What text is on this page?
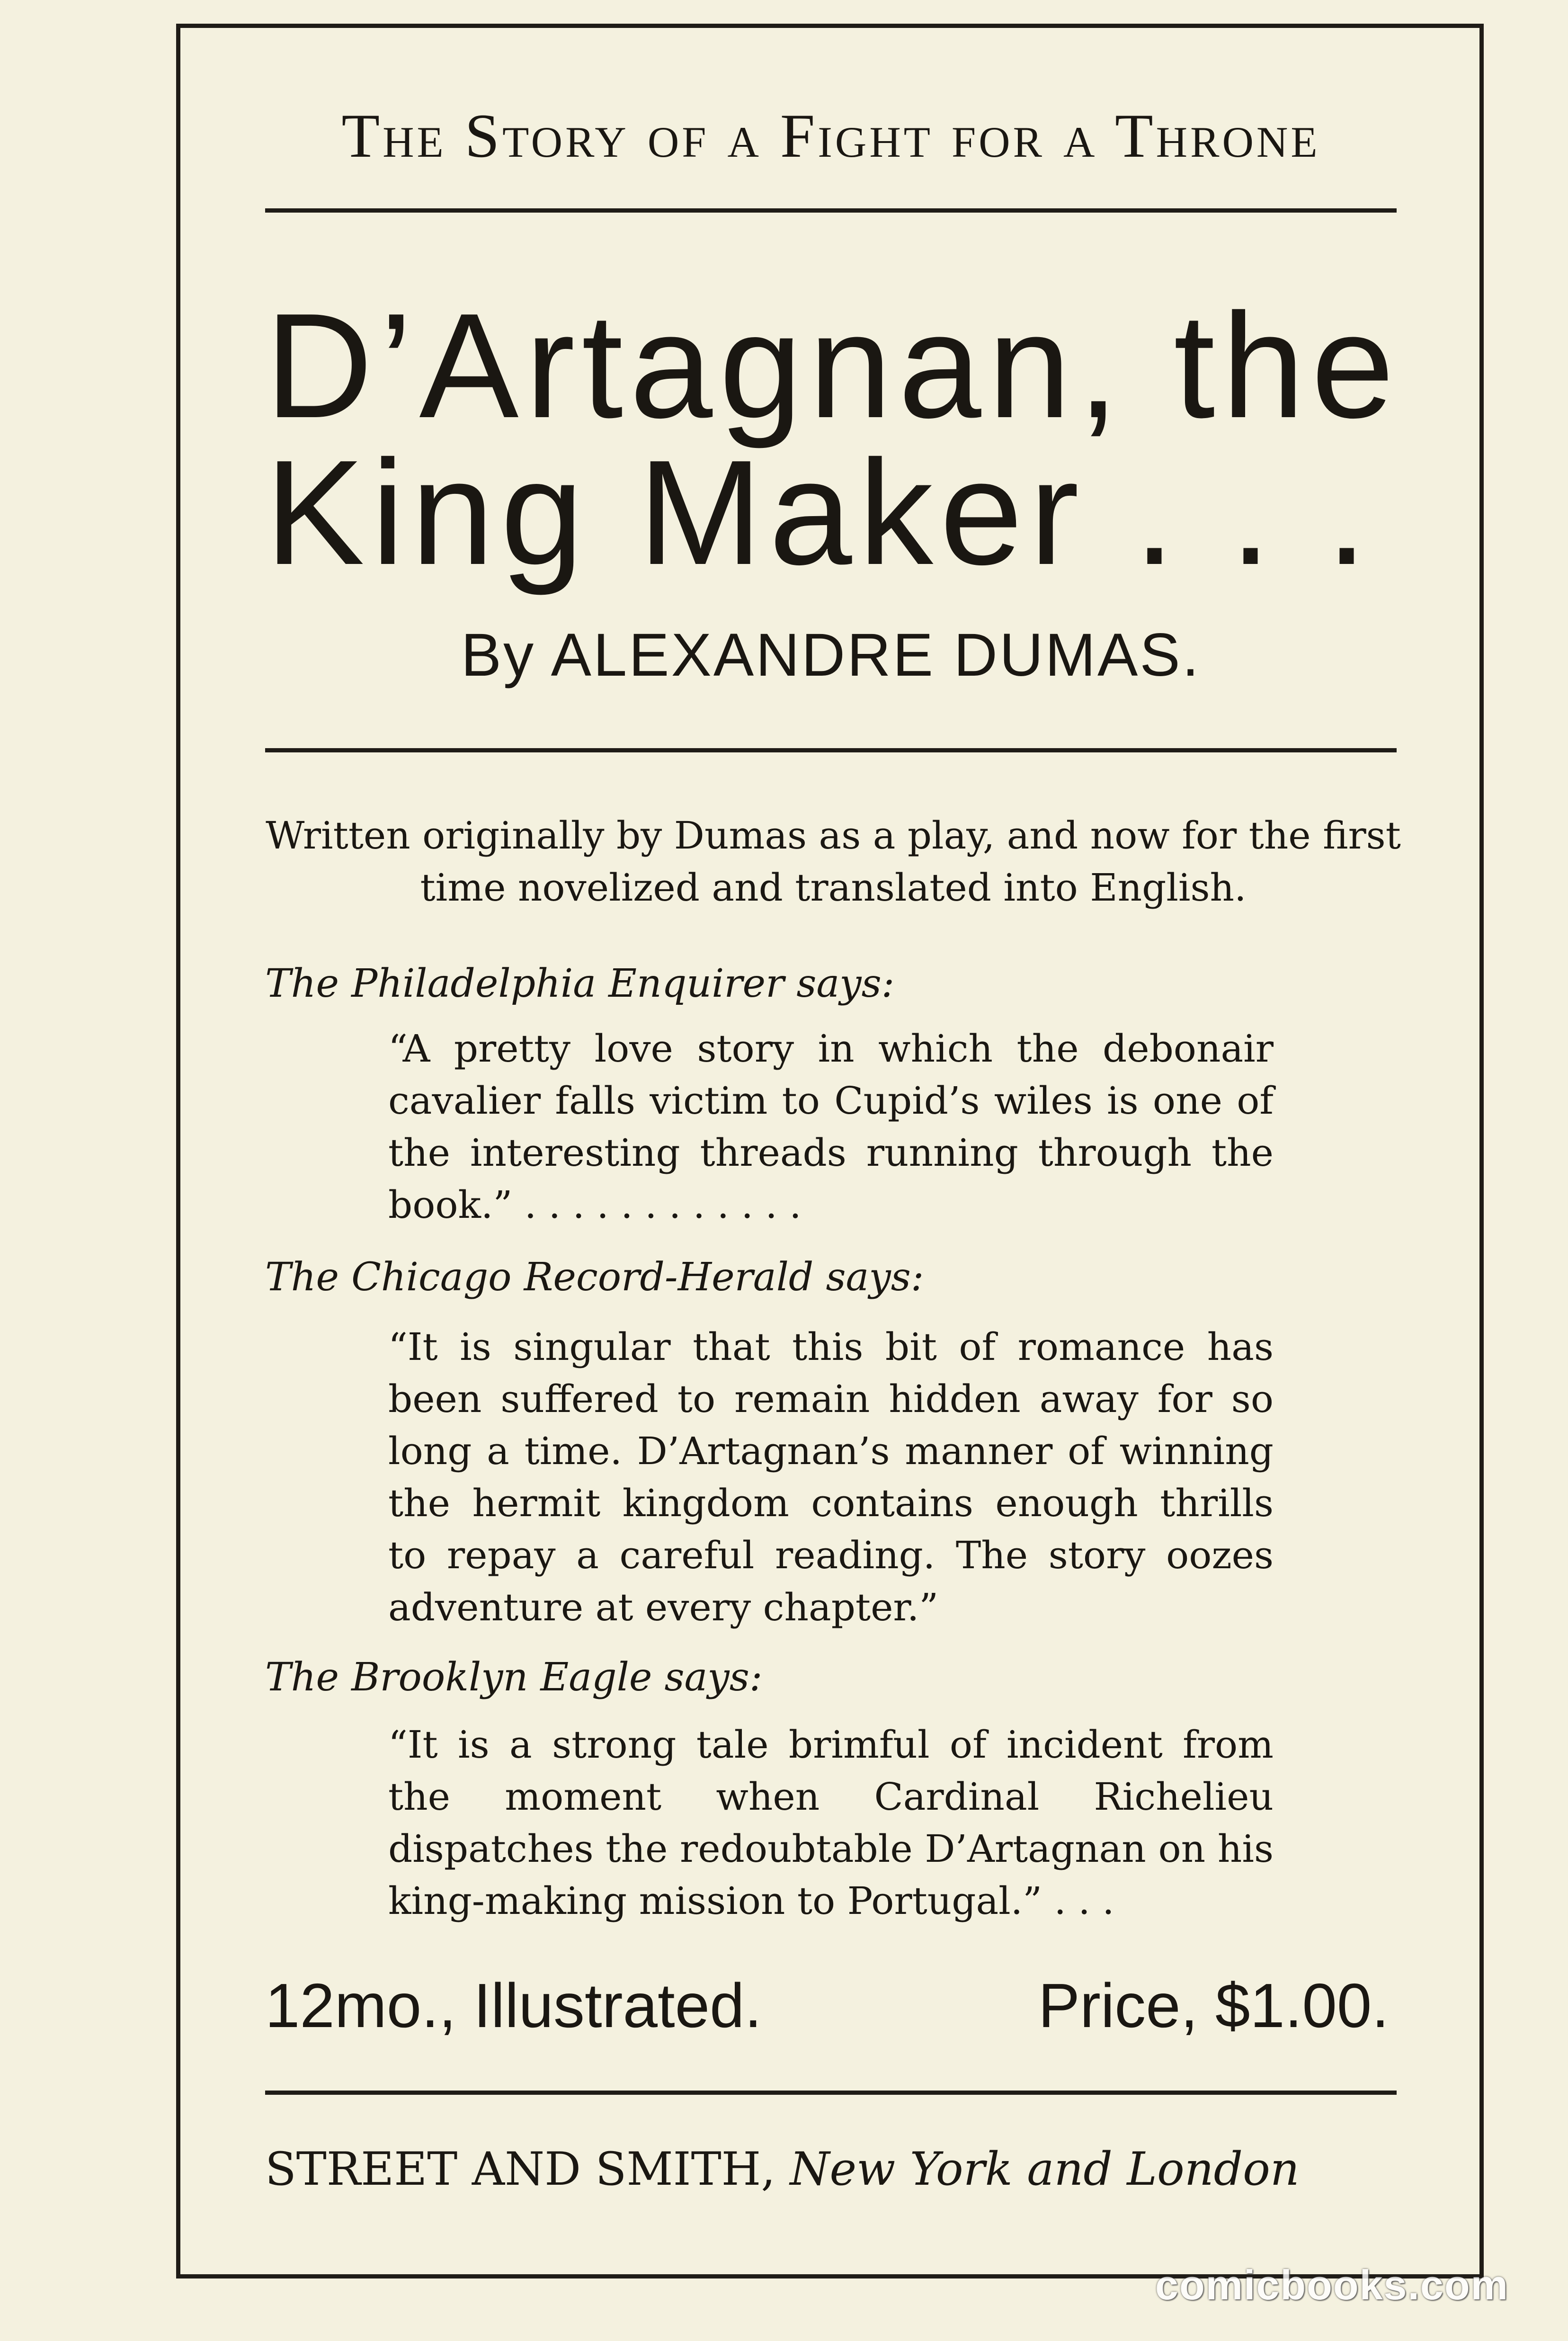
The Story of a Fight for a Throne
D’Artagnan, the
King Maker . . .
By ALEXANDRE DUMAS.
Written originally by Dumas as a play, and now for the first time novelized and translated into English.
The Philadelphia Enquirer says:
“A pretty love story in which the debonair cavalier falls victim to Cupid’s wiles is one of the interesting threads running through the book.” . . . . . . . . . . . .
The Chicago Record-Herald says:
“It is singular that this bit of romance has been suffered to remain hidden away for so long a time. D’Artagnan’s manner of winning the hermit kingdom contains enough thrills to repay a careful reading. The story oozes adventure at every chapter.”
The Brooklyn Eagle says:
“It is a strong tale brimful of incident from the moment when Cardinal Richelieu dispatches the redoubtable D’Artagnan on his king-making mission to Portugal.” . . .
12mo., Illustrated.	Price, $1.00.
STREET AND SMITH, New York and London
comicbooks.com
